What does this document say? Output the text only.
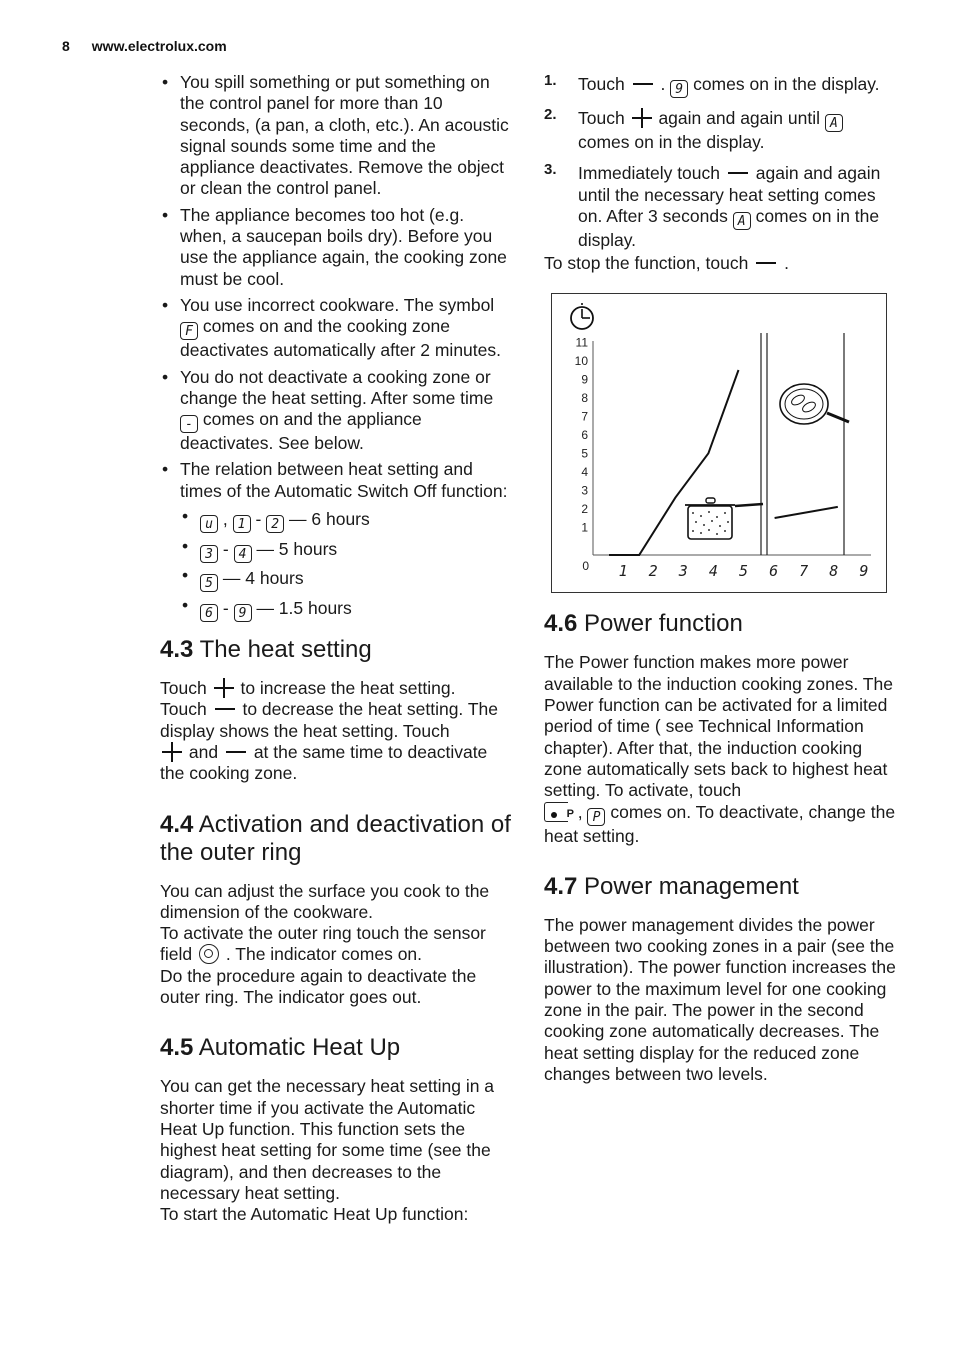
8 www.electrolux.com
• You spill something or put something on the control panel for more than 10 seconds, (a pan, a cloth, etc.). An acoustic signal sounds some time and the appliance deactivates. Remove the object or clean the control panel.
• The appliance becomes too hot (e.g. when, a saucepan boils dry). Before you use the appliance again, the cooking zone must be cool.
• You use incorrect cookware. The symbol F comes on and the cooking zone deactivates automatically after 2 minutes.
• You do not deactivate a cooking zone or change the heat setting. After some time - comes on and the appliance deactivates. See below.
• The relation between heat setting and times of the Automatic Switch Off function:
• u , 1 - 2 — 6 hours
• 3 - 4 — 5 hours
• 5 — 4 hours
• 6 - 9 — 1.5 hours
4.3 The heat setting

Touch to increase the heat setting.
Touch to decrease the heat setting. The display shows the heat setting. Touch
and at the same time to deactivate the cooking zone.

4.4 Activation and deactivation of the outer ring

You can adjust the surface you cook to the dimension of the cookware.
To activate the outer ring touch the sensor field . The indicator comes on.
Do the procedure again to deactivate the outer ring. The indicator goes out.

4.5 Automatic Heat Up

You can get the necessary heat setting in a shorter time if you activate the Automatic Heat Up function. This function sets the highest heat setting for some time (see the diagram), and then decreases to the necessary heat setting.
To start the Automatic Heat Up function:

1. Touch . 9 comes on in the display.
2. Touch again and again until A comes on in the display.
3. Immediately touch again and again until the necessary heat setting comes on. After 3 seconds A comes on in the display.

To stop the function, touch .

4.6 Power function

The Power function makes more power available to the induction cooking zones. The Power function can be activated for a limited period of time ( see Technical Information chapter). After that, the induction cooking zone automatically sets back to highest heat setting. To activate, touch
P  , P comes on. To deactivate, change the heat setting.

4.7 Power management

The power management divides the power between two cooking zones in a pair (see the illustration). The power function increases the power to the maximum level for one cooking zone in the pair. The power in the second cooking zone automatically decreases. The heat setting display for the reduced zone changes between two levels.

0
1
2
3
4
5
6
7
8
9
10
11
1 2 3 4 5 6 7 8 9
